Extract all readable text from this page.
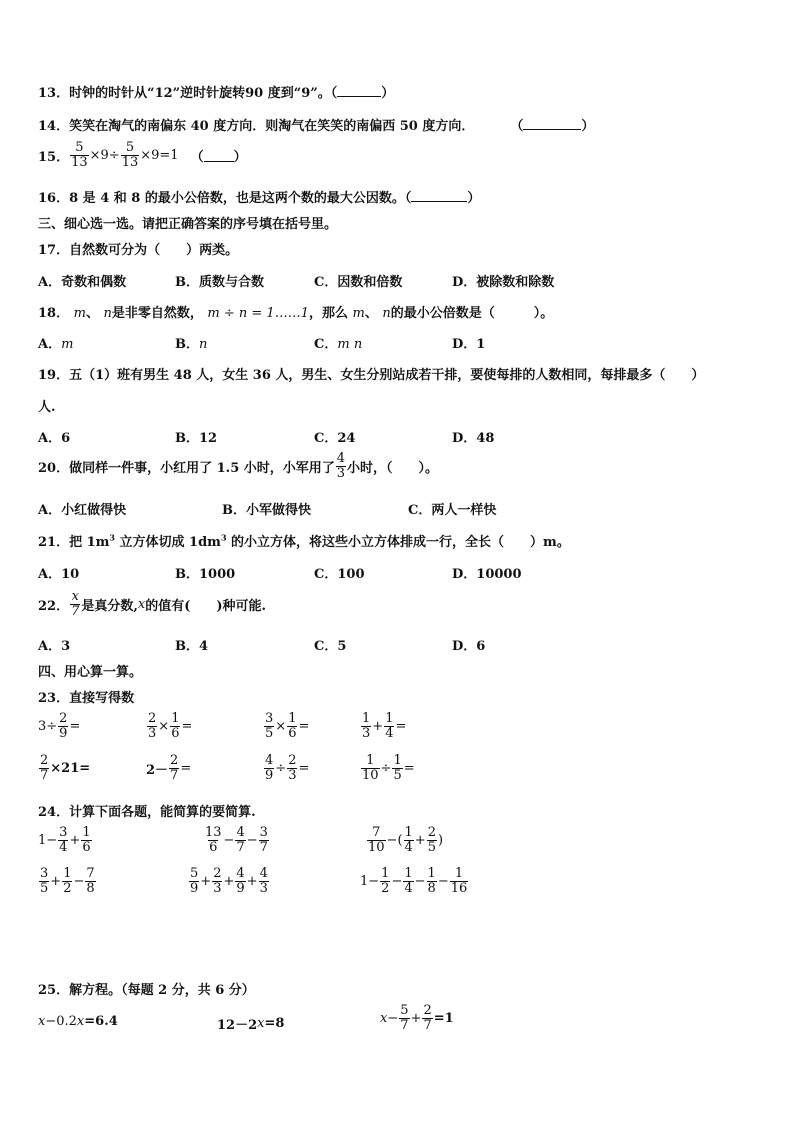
13．时钟的时针从“12”逆时针旋转90 度到“9”。（	）
14．笑笑在淘气的南偏东 40 度方向．则淘气在笑笑的南偏西 50 度方向．	（	）
15． $\frac{5}{13} \times 9\div \frac{5}{13} \times 9=1$ （ ）
16．8 是 4 和 8 的最小公倍数，也是这两个数的最大公因数。（	）
三、细心选一选。请把正确答案的序号填在括号里。
17．自然数可分为（　　）两类。
A．奇数和偶数	B．质数与合数	C．因数和倍数	D．被除数和除数
18． m、 n是非零自然数， m ÷ n = 1……1，那么 m、 n的最小公倍数是（　　　）。
A．m	B．n	C．m n	D．1
19．五（1）班有男生 48 人，女生 36 人，男生、女生分别站成若干排，要使每排的人数相同，每排最多（　　）
人.
A．6	B．12	C．24	D．48
20．做同样一件事，小红用了 1.5 小时，小军用了 $\frac{4}{3}$ 小时，（　　）。
A．小红做得快	B．小军做得快	C．两人一样快
21．把 $1m^3$ 立方体切成 $1dm^3$ 的小立方体，将这些小立方体排成一行，全长（　　）m。
A．10	B．1000	C．100	D．10000
22． $\frac{x}{7}$ 是真分数, x 的值有(　　)种可能.
A．3	B．4	C．5	D．6
四、用心算一算。
23．直接写得数
$3\div \frac{2}{9}$ =	$\frac{2}{3} \times \frac{1}{6}$ =	$\frac{3}{5} \times \frac{1}{6}$ =	$\frac{1}{3} + \frac{1}{4}$ =
$\frac{2}{7} \times 21=$	$2- \frac{2}{7}$ =	$\frac{4}{9} \div \frac{2}{3}$ =	$\frac{1}{10} \div \frac{1}{5}$ =
24．计算下面各题，能简算的要简算.
$1- \frac{3}{4} + \frac{1}{6}$	$\frac{13}{6} - \frac{4}{7} - \frac{3}{7}$	$\frac{7}{10}$ −( $\frac{1}{4} + \frac{2}{5}$ )
$\frac{3}{5} + \frac{1}{2} - \frac{7}{8}$	$\frac{5}{9} + \frac{2}{3} + \frac{4}{9} + \frac{4}{3}$	$1- \frac{1}{2} - \frac{1}{4} - \frac{1}{8} - \frac{1}{16}$
25．解方程。（每题 2 分，共 6 分）
x −0.2 x =6.4	12－2 x =8	$x - \frac{5}{7} + \frac{2}{7} =1$
